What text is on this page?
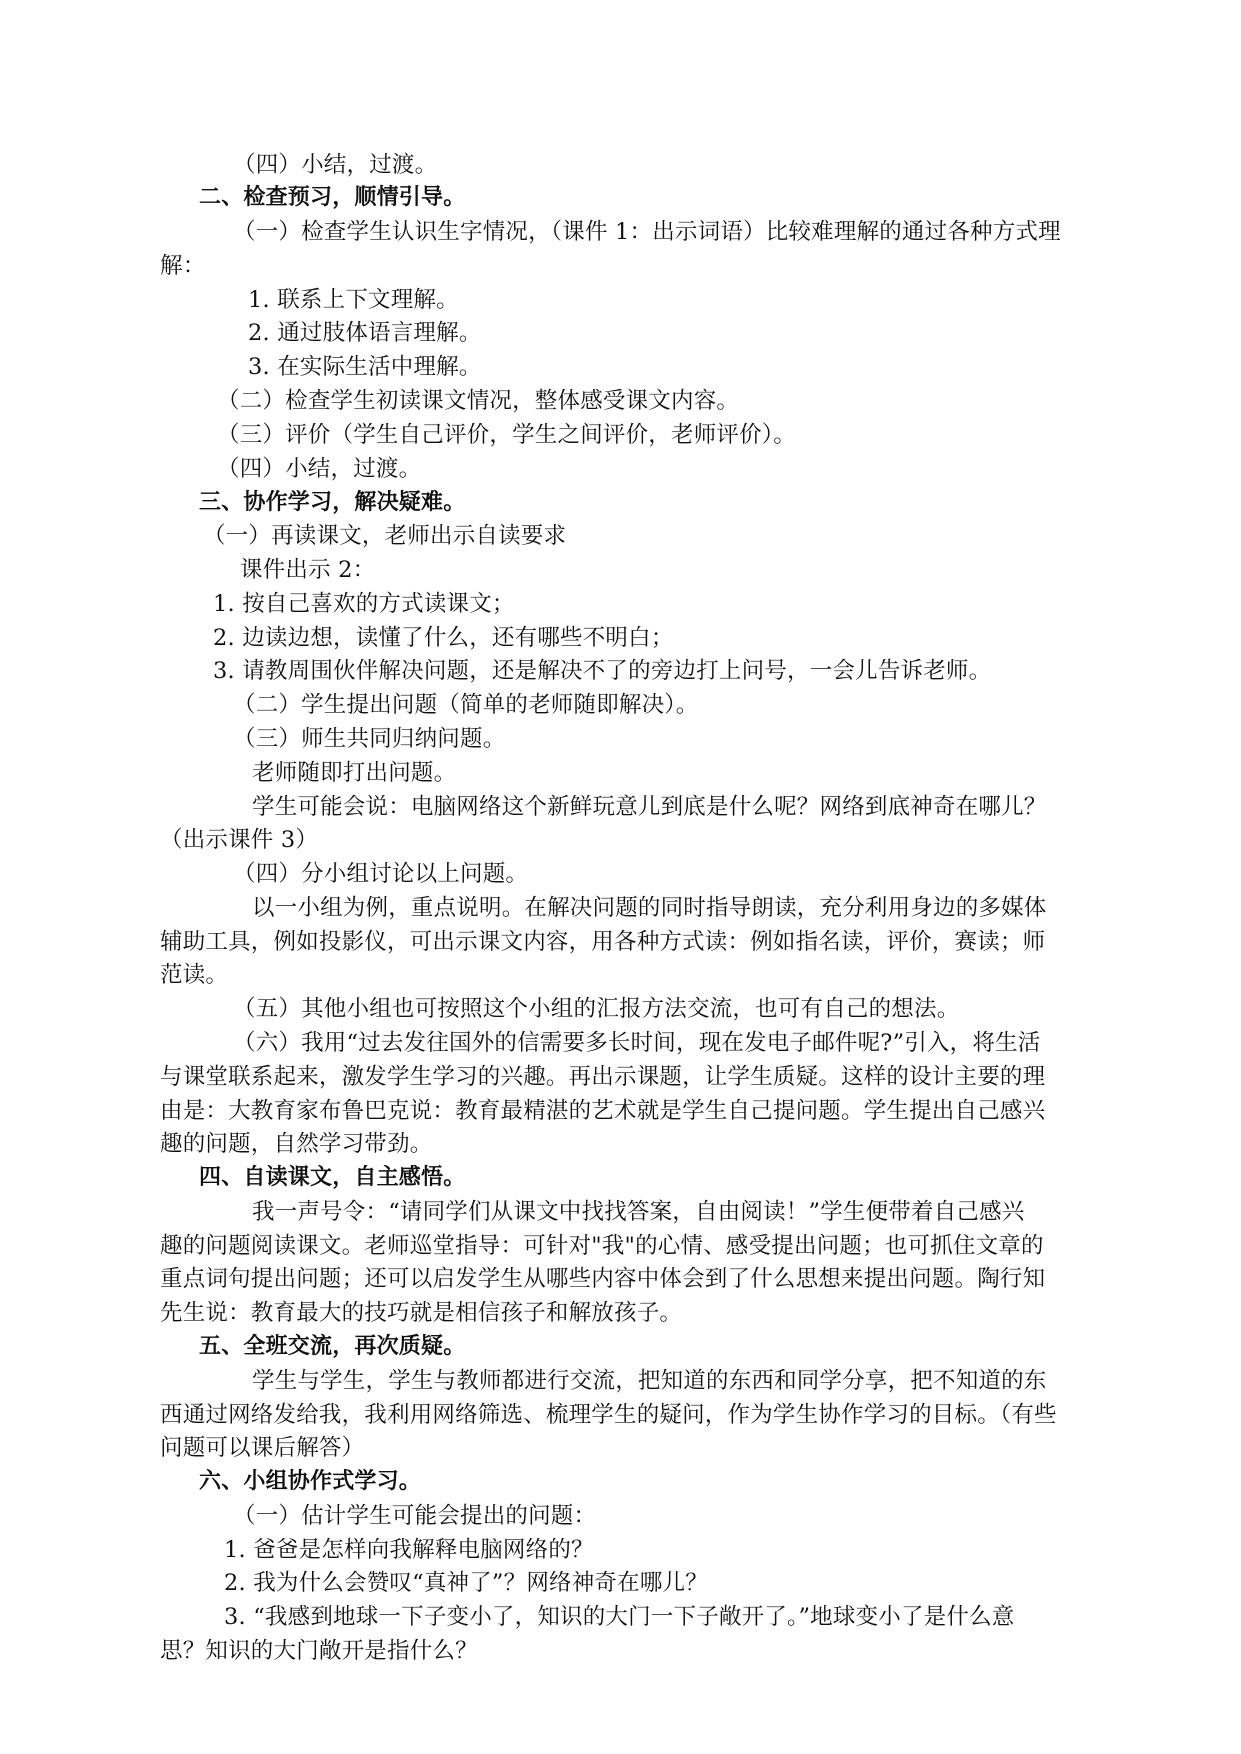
（四）小结，过渡。
二、检查预习，顺情引导。
（一）检查学生认识生字情况，（课件 1：出示词语）比较难理解的通过各种方式理
解：
1. 联系上下文理解。
2. 通过肢体语言理解。
3. 在实际生活中理解。
（二）检查学生初读课文情况，整体感受课文内容。
（三）评价（学生自己评价，学生之间评价，老师评价）。
（四）小结，过渡。
三、协作学习，解决疑难。
（一）再读课文，老师出示自读要求
课件出示 2：
1. 按自己喜欢的方式读课文；
2. 边读边想，读懂了什么，还有哪些不明白；
3. 请教周围伙伴解决问题，还是解决不了的旁边打上问号，一会儿告诉老师。
（二）学生提出问题（简单的老师随即解决）。
（三）师生共同归纳问题。
老师随即打出问题。
学生可能会说：电脑网络这个新鲜玩意儿到底是什么呢？网络到底神奇在哪儿？
（出示课件 3）
（四）分小组讨论以上问题。
以一小组为例，重点说明。在解决问题的同时指导朗读，充分利用身边的多媒体
辅助工具，例如投影仪，可出示课文内容，用各种方式读：例如指名读，评价，赛读；师
范读。
（五）其他小组也可按照这个小组的汇报方法交流，也可有自己的想法。
（六）我用“过去发往国外的信需要多长时间，现在发电子邮件呢?”引入，将生活
与课堂联系起来，激发学生学习的兴趣。再出示课题，让学生质疑。这样的设计主要的理
由是：大教育家布鲁巴克说：教育最精湛的艺术就是学生自己提问题。学生提出自己感兴
趣的问题，自然学习带劲。
四、自读课文，自主感悟。
我一声号令：“请同学们从课文中找找答案，自由阅读！”学生便带着自己感兴
趣的问题阅读课文。老师巡堂指导：可针对"我"的心情、感受提出问题；也可抓住文章的
重点词句提出问题；还可以启发学生从哪些内容中体会到了什么思想来提出问题。陶行知
先生说：教育最大的技巧就是相信孩子和解放孩子。
五、全班交流，再次质疑。
学生与学生，学生与教师都进行交流，把知道的东西和同学分享，把不知道的东
西通过网络发给我，我利用网络筛选、梳理学生的疑问，作为学生协作学习的目标。（有些
问题可以课后解答）
六、小组协作式学习。
（一）估计学生可能会提出的问题：
1. 爸爸是怎样向我解释电脑网络的？
2. 我为什么会赞叹“真神了”？网络神奇在哪儿？
3. “我感到地球一下子变小了，知识的大门一下子敞开了。”地球变小了是什么意
思？知识的大门敞开是指什么？
